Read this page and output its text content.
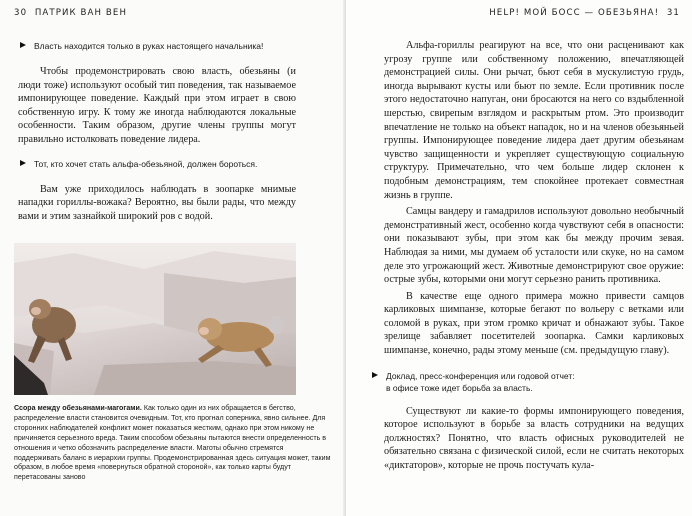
30 ПАТРИК ВАН ВЕН
Власть находится только в руках настоящего начальника!

Чтобы продемонстрировать свою власть, обезьяны (и люди тоже) используют особый тип поведения, так называемое импонирующее поведение. Каждый при этом играет в свою собственную игру. К тому же иногда наблюдаются локальные особенности. Таким образом, другие члены группы могут правильно истолковать поведение лидера.

Тот, кто хочет стать альфа-обезьяной, должен бороться.

Вам уже приходилось наблюдать в зоопарке мнимые нападки гориллы-вожака? Вероятно, вы были рады, что между вами и этим зазнайкой широкий ров с водой.

Ссора между обезьянами-магогами. Как только один из них обращается в бегство, распределение власти становится очевидным. Тот, кто прогнал соперника, явно сильнее. Для сторонних наблюдателей конфликт может показаться жестким, однако при этом никому не причиняется серьезного вреда. Таким способом обезьяны пытаются внести определенность в отношения и четко обозначить распределение власти. Маготы обычно стремятся поддерживать баланс в иерархии группы. Продемонстрированная здесь ситуация может, таким образом, в любое время «повернуться обратной стороной», как только карты будут перетасованы заново
HELP! МОЙ БОСС — ОБЕЗЬЯНА! 31

Альфа-гориллы реагируют на все, что они расценивают как угрозу группе или собственному положению, впечатляющей демонстрацией силы. Они рычат, бьют себя в мускулистую грудь, иногда вырывают кусты или бьют по земле. Если противник после этого недостаточно напуган, они бросаются на него со вздыбленной шерстью, свирепым взглядом и раскрытым ртом. Это производит впечатление не только на объект нападок, но и на членов обезьяньей группы. Импонирующее поведение лидера дает другим обезьянам чувство защищенности и укрепляет существующую социальную структуру. Примечательно, что чем больше лидер склонен к подобным демонстрациям, тем спокойнее протекает совместная жизнь в группе.

Самцы вандеру и гамадрилов используют довольно необычный демонстративный жест, особенно когда чувствуют себя в опасности: они показывают зубы, при этом как бы между прочим зевая. Наблюдая за ними, мы думаем об усталости или скуке, но на самом деле это угрожающий жест. Животные демонстрируют свое оружие: острые зубы, которыми они могут серьезно ранить противника.

В качестве еще одного примера можно привести самцов карликовых шимпанзе, которые бегают по вольеру с ветками или соломой в руках, при этом громко кричат и обнажают зубы. Такое зрелище забавляет посетителей зоопарка. Самки карликовых шимпанзе, конечно, рады этому меньше (см. предыдущую главу).

Доклад, пресс-конференция или годовой отчет:
в офисе тоже идет борьба за власть.

Существуют ли какие-то формы импонирующего поведения, которое используют в борьбе за власть сотрудники на ведущих должностях? Понятно, что власть офисных руководителей не обязательно связана с физической силой, если не считать некоторых «диктаторов», которые не прочь постучать кула-
